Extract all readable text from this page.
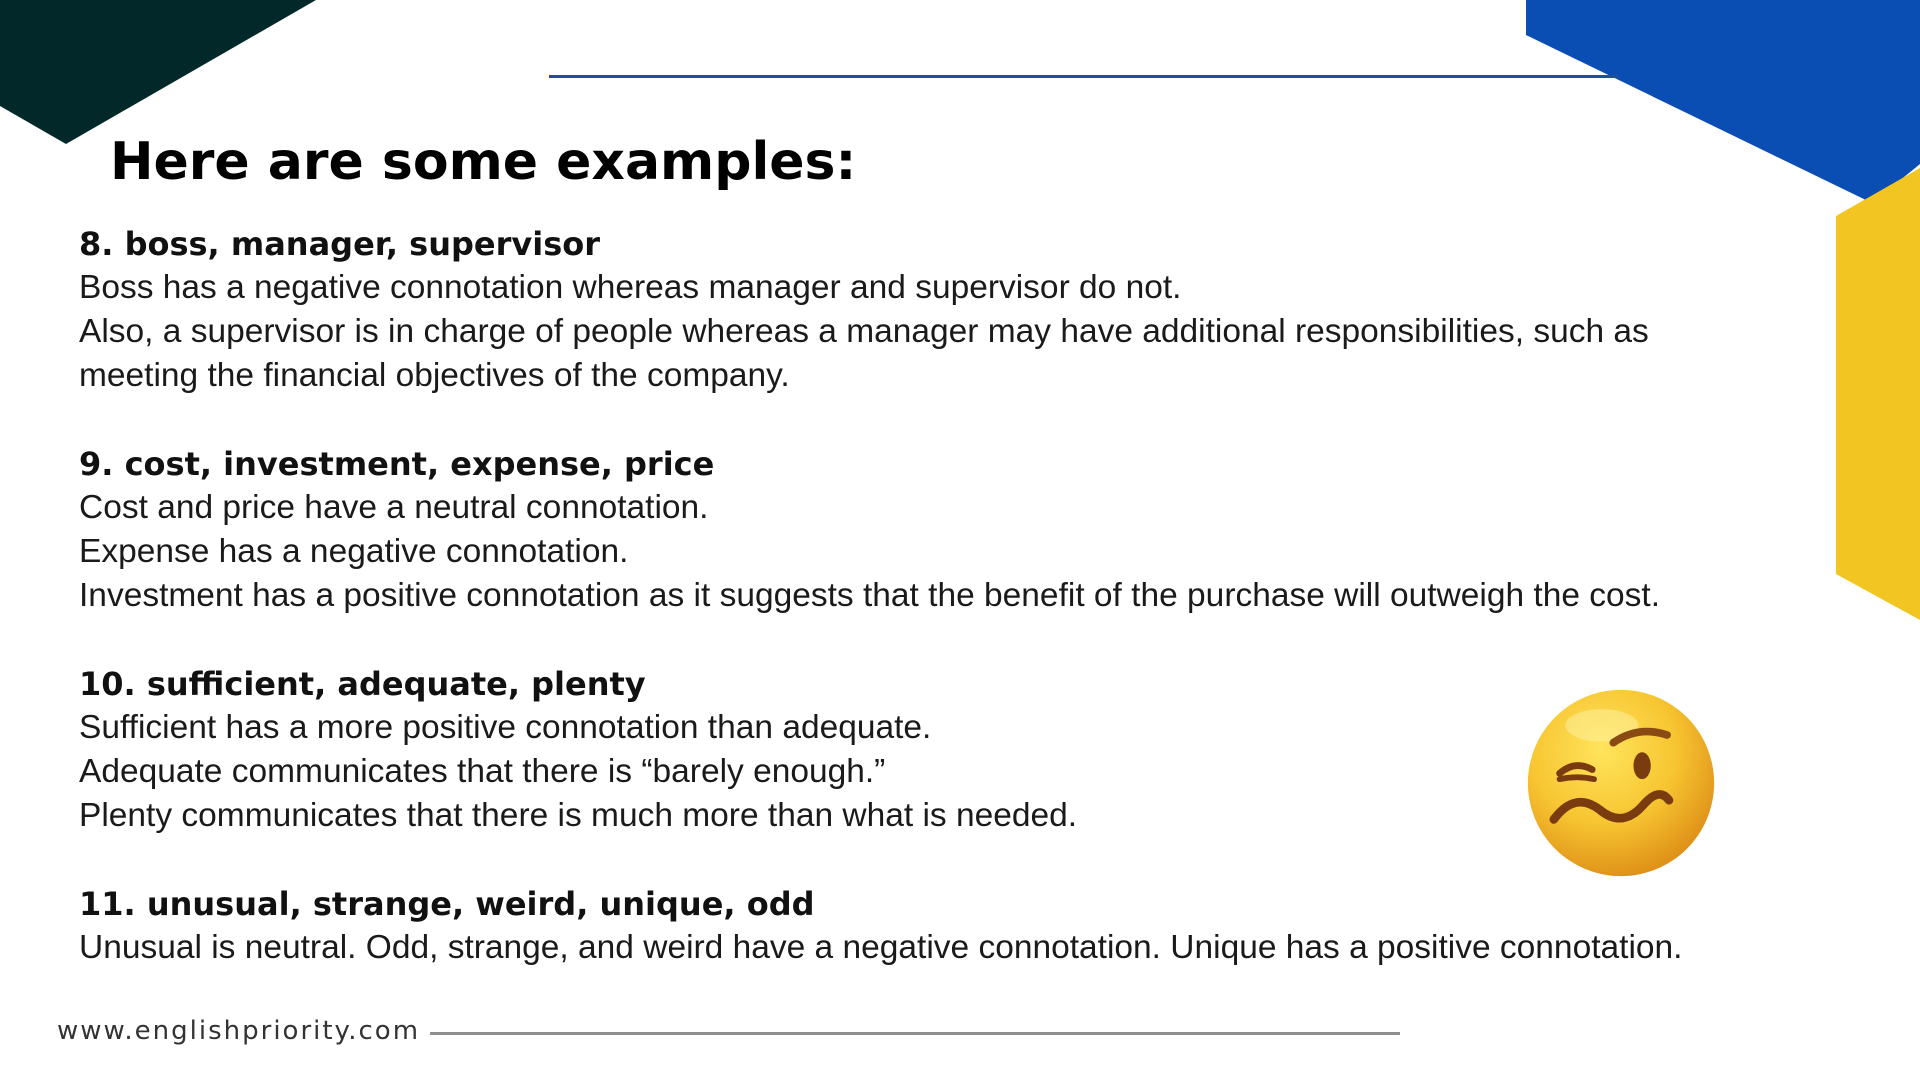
Here are some examples:
8. boss, manager, supervisor
Boss has a negative connotation whereas manager and supervisor do not.
Also, a supervisor is in charge of people whereas a manager may have additional responsibilities, such as
meeting the financial objectives of the company.
9. cost, investment, expense, price
Cost and price have a neutral connotation.
Expense has a negative connotation.
Investment has a positive connotation as it suggests that the benefit of the purchase will outweigh the cost.
10. sufficient, adequate, plenty
Sufficient has a more positive connotation than adequate.
Adequate communicates that there is “barely enough.”
Plenty communicates that there is much more than what is needed.
11. unusual, strange, weird, unique, odd
Unusual is neutral. Odd, strange, and weird have a negative connotation. Unique has a positive connotation.
www.englishpriority.com
